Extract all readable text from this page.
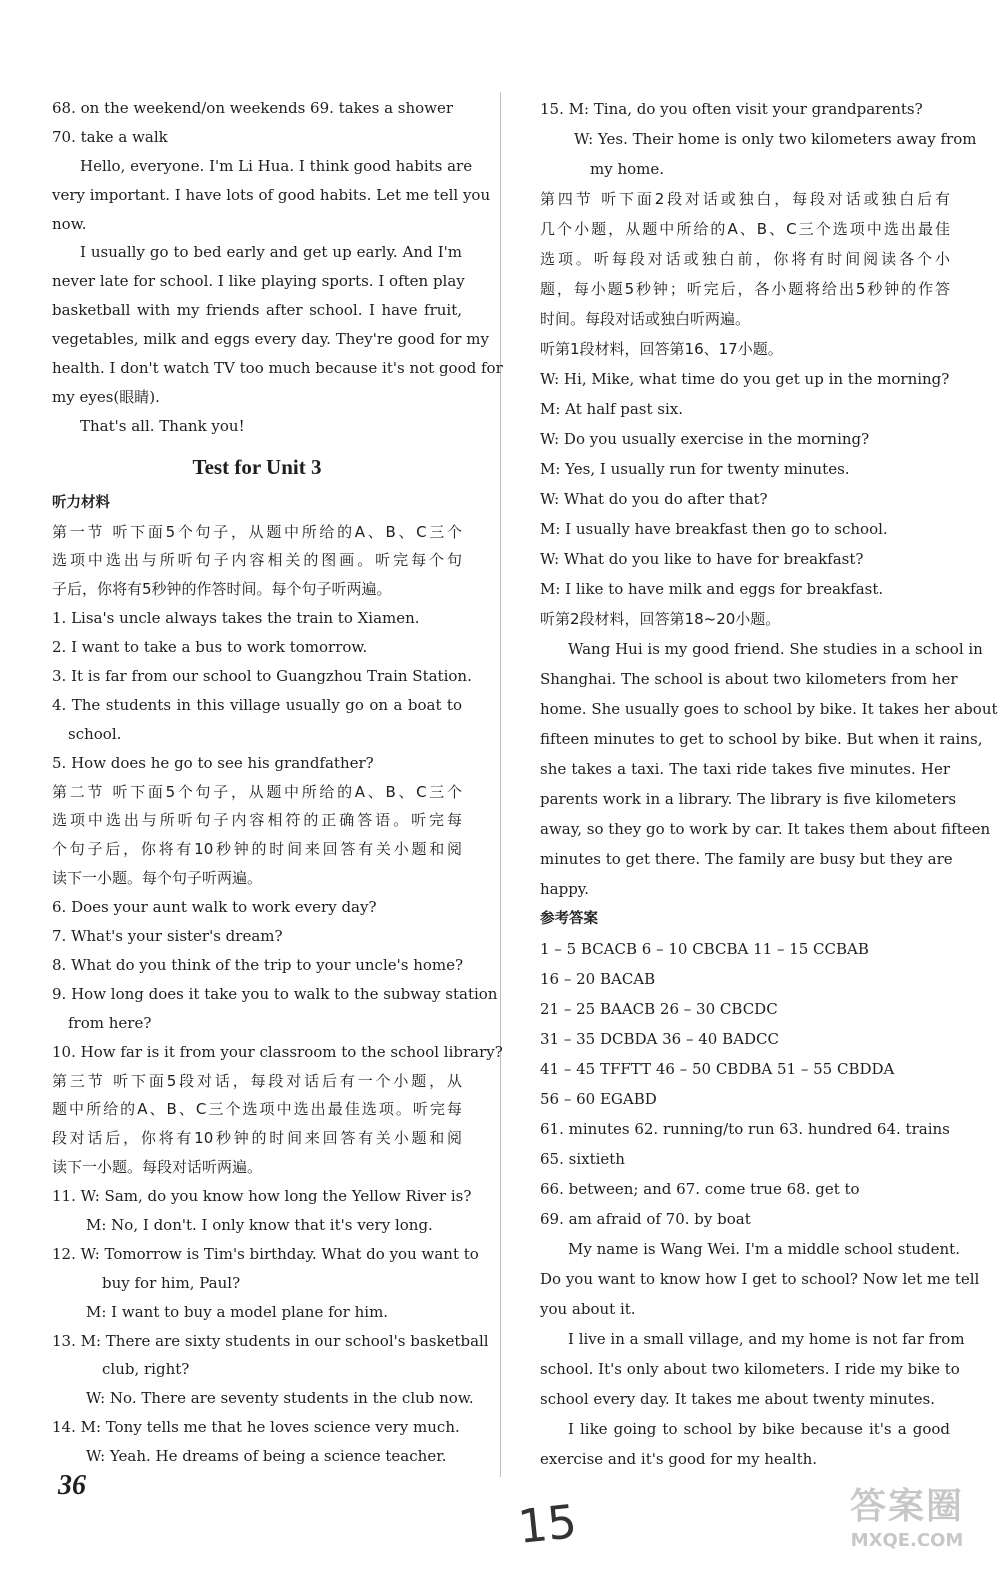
68. on the weekend/on weekends 69. takes a shower
70. take a walk
Hello, everyone. I'm Li Hua. I think good habits are
very important. I have lots of good habits. Let me tell you
now.
I usually go to bed early and get up early. And I'm
never late for school. I like playing sports. I often play
basketball with my friends after school. I have fruit,
vegetables, milk and eggs every day. They're good for my
health. I don't watch TV too much because it's not good for
my eyes(眼睛).
That's all. Thank you!
Test for Unit 3
听力材料
第一节 听下面5个句子，从题中所给的A、B、C三个
选项中选出与所听句子内容相关的图画。听完每个句
子后，你将有5秒钟的作答时间。每个句子听两遍。
1. Lisa's uncle always takes the train to Xiamen.
2. I want to take a bus to work tomorrow.
3. It is far from our school to Guangzhou Train Station.
4. The students in this village usually go on a boat to
school.
5. How does he go to see his grandfather?
第二节 听下面5个句子，从题中所给的A、B、C三个
选项中选出与所听句子内容相符的正确答语。听完每
个句子后，你将有10秒钟的时间来回答有关小题和阅
读下一小题。每个句子听两遍。
6. Does your aunt walk to work every day?
7. What's your sister's dream?
8. What do you think of the trip to your uncle's home?
9. How long does it take you to walk to the subway station
from here?
10. How far is it from your classroom to the school library?
第三节 听下面5段对话，每段对话后有一个小题，从
题中所给的A、B、C三个选项中选出最佳选项。听完每
段对话后，你将有10秒钟的时间来回答有关小题和阅
读下一小题。每段对话听两遍。
11. W: Sam, do you know how long the Yellow River is?
M: No, I don't. I only know that it's very long.
12. W: Tomorrow is Tim's birthday. What do you want to
buy for him, Paul?
M: I want to buy a model plane for him.
13. M: There are sixty students in our school's basketball
club, right?
W: No. There are seventy students in the club now.
14. M: Tony tells me that he loves science very much.
W: Yeah. He dreams of being a science teacher.
15. M: Tina, do you often visit your grandparents?
W: Yes. Their home is only two kilometers away from
my home.
第四节 听下面2段对话或独白，每段对话或独白后有
几个小题，从题中所给的A、B、C三个选项中选出最佳
选项。听每段对话或独白前，你将有时间阅读各个小
题，每小题5秒钟；听完后，各小题将给出5秒钟的作答
时间。每段对话或独白听两遍。
听第1段材料，回答第16、17小题。
W: Hi, Mike, what time do you get up in the morning?
M: At half past six.
W: Do you usually exercise in the morning?
M: Yes, I usually run for twenty minutes.
W: What do you do after that?
M: I usually have breakfast then go to school.
W: What do you like to have for breakfast?
M: I like to have milk and eggs for breakfast.
听第2段材料，回答第18~20小题。
Wang Hui is my good friend. She studies in a school in
Shanghai. The school is about two kilometers from her
home. She usually goes to school by bike. It takes her about
fifteen minutes to get to school by bike. But when it rains,
she takes a taxi. The taxi ride takes five minutes. Her
parents work in a library. The library is five kilometers
away, so they go to work by car. It takes them about fifteen
minutes to get there. The family are busy but they are
happy.
参考答案
1 – 5 BCACB 6 – 10 CBCBA 11 – 15 CCBAB
16 – 20 BACAB
21 – 25 BAACB 26 – 30 CBCDC
31 – 35 DCBDA 36 – 40 BADCC
41 – 45 TFFTT 46 – 50 CBDBA 51 – 55 CBDDA
56 – 60 EGABD
61. minutes 62. running/to run 63. hundred 64. trains
65. sixtieth
66. between; and 67. come true 68. get to
69. am afraid of 70. by boat
My name is Wang Wei. I'm a middle school student.
Do you want to know how I get to school? Now let me tell
you about it.
I live in a small village, and my home is not far from
school. It's only about two kilometers. I ride my bike to
school every day. It takes me about twenty minutes.
I like going to school by bike because it's a good
exercise and it's good for my health.
36
15	答案圈
MXQE.COM
